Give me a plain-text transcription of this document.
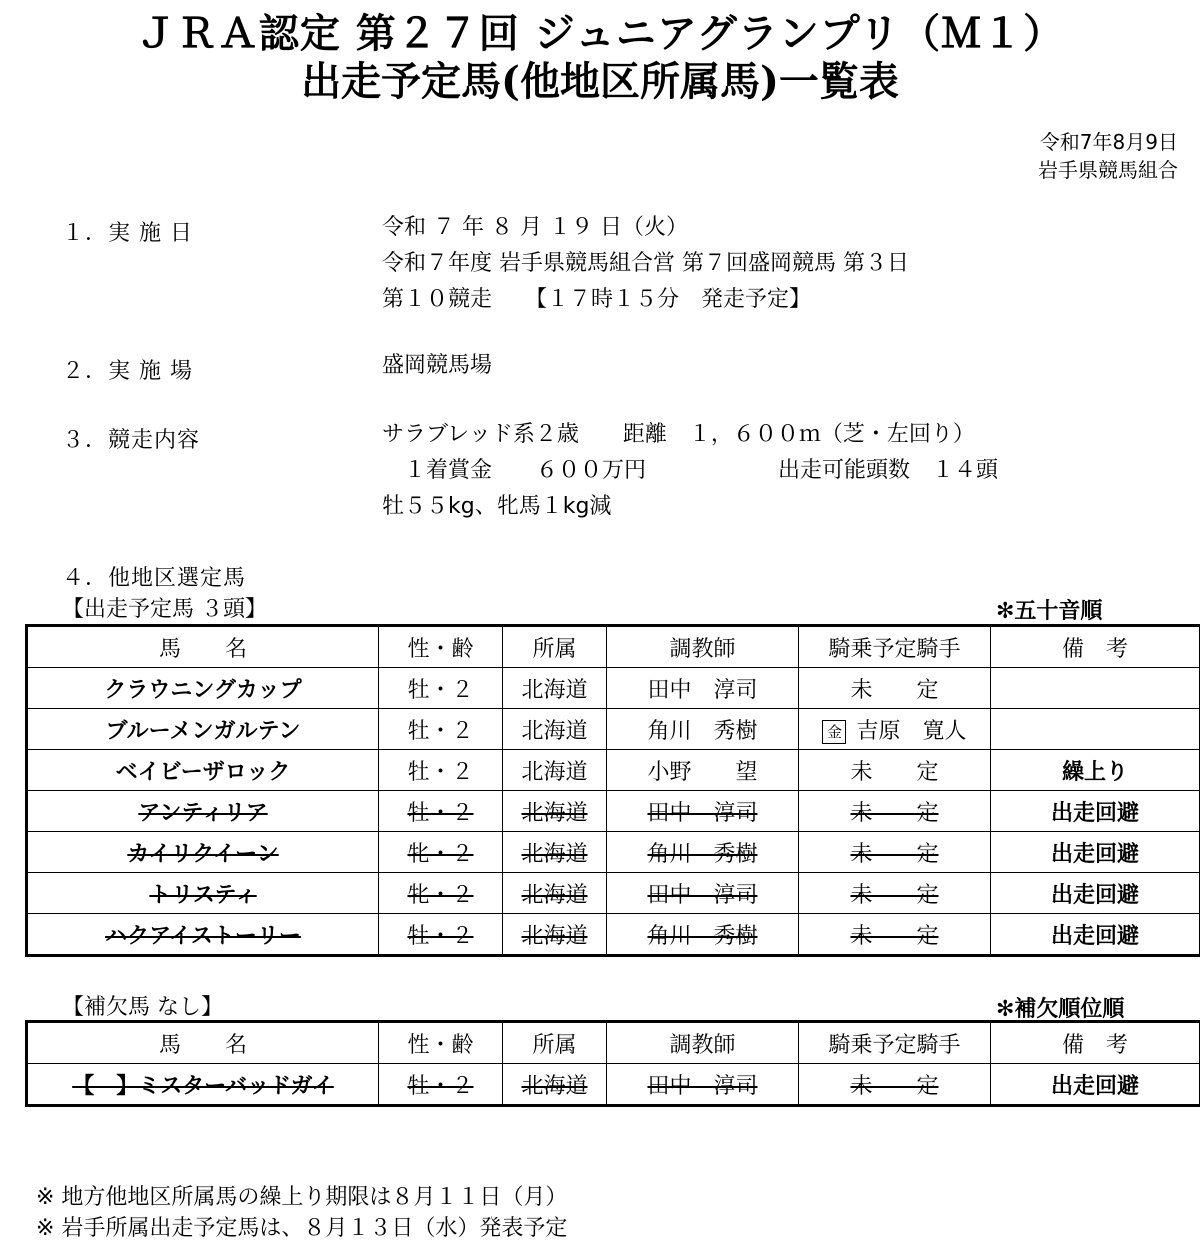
ＪＲＡ認定 第２７回 ジュニアグランプリ（Ｍ１）
出走予定馬(他地区所属馬)一覧表
令和7年8月9日
岩手県競馬組合
１．実 施 日	令和 ７ 年 ８ 月 １９ 日（火）
令和７年度 岩手県競馬組合営 第７回盛岡競馬 第３日
第１０競走　　【１７時１５分　発走予定】
２．実 施 場	盛岡競馬場
３．競走内容	サラブレッド系２歳　　距離　１，６００ｍ（芝・左回り）
　１着賞金　　６００万円　　　　　　出走可能頭数　１４頭
牡５５kg、牝馬１kg減
４．他地区選定馬
【出走予定馬 ３頭】	✻五十音順
馬　　名	性・齢	所属	調教師	騎乗予定騎手	備　考
クラウニングカップ	牡・２	北海道	田中　淳司	未　　定	
ブルーメンガルテン	牡・２	北海道	角川　秀樹	金 吉原　寛人	
ベイビーザロック	牡・２	北海道	小野　　望	未　　定	繰上り
アンティリア	牡・２	北海道	田中　淳司	未　　定	出走回避
カイリクイーン	牝・２	北海道	角川　秀樹	未　　定	出走回避
トリスティ	牝・２	北海道	田中　淳司	未　　定	出走回避
ハクアイストーリー	牡・２	北海道	角川　秀樹	未　　定	出走回避
【補欠馬 なし】	✻補欠順位順
馬　　名	性・齢	所属	調教師	騎乗予定騎手	備　考
【　】ミスターバッドガイ	牡・２	北海道	田中　淳司	未　　定	出走回避
※ 地方他地区所属馬の繰上り期限は８月１１日（月）
※ 岩手所属出走予定馬は、８月１３日（水）発表予定
